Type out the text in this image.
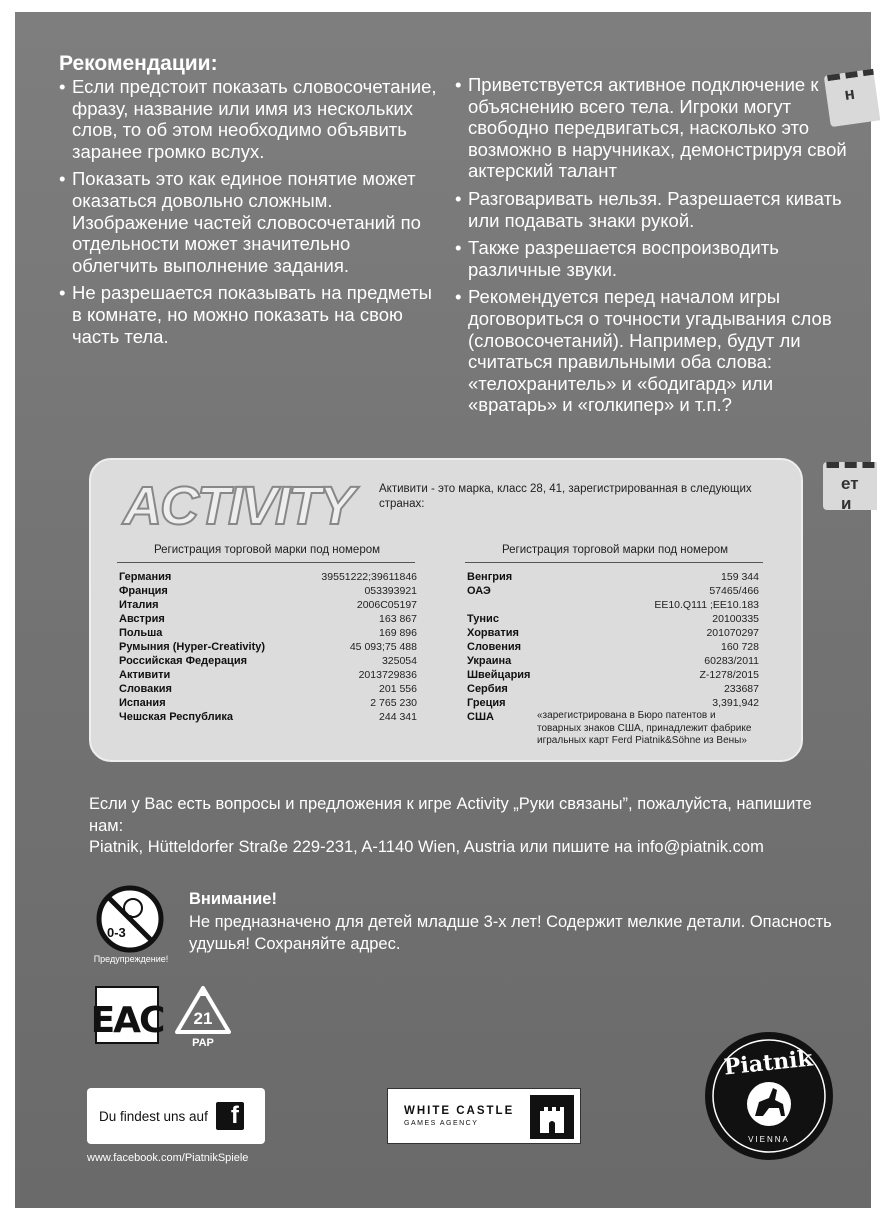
н
ет и
Рекомендации:

• Если предстоит показать словосочетание, фразу, название или имя из нескольких слов, то об этом необходимо объявить заранее громко вслух.

• Показать это как единое понятие может оказаться довольно сложным. Изображение частей словосочетаний по отдельности может значительно облегчить выполнение задания.

• Не разрешается показывать на предметы в комнате, но можно показать на свою часть тела.

• Приветствуется активное подключение к объяснению всего тела. Игроки могут свободно передвигаться, насколько это возможно в наручниках, демонстрируя свой актерский талант

• Разговаривать нельзя. Разрешается кивать или подавать знаки рукой.

• Также разрешается воспроизводить различные звуки.

• Рекомендуется перед началом игры договориться о точности угадывания слов (словосочетаний). Например, будут ли считаться правильными оба слова: «телохранитель» и «бодигард» или «вратарь» и «голкипер» и т.п.?

ACTIVITY	Активити - это марка, класс 28, 41, зарегистрированная в следующих странах:
Регистрация торговой марки под номером	Регистрация торговой марки под номером
Германия	39551222;39611846
Франция	053393921
Италия	2006C05197
Австрия	163 867
Польша	169 896
Румыния (Hyper-Creativity)	45 093;75 488
Российская Федерация	325054
Активити	2013729836
Словакия	201 556
Испания	2 765 230
Чешская Республика	244 341
Венгрия	159 344
ОАЭ	57465/466
EE10.Q111 ;EE10.183
Тунис	20100335
Хорватия	201070297
Словения	160 728
Украина	60283/2011
Швейцария	Z-1278/2015
Сербия	233687
Греция	3,391,942
США	«зарегистрирована в Бюро патентов и товарных знаков США, принадлежит фабрике игральных карт Ferd Piatnik&Söhne из Вены»

Если у Вас есть вопросы и предложения к игре Activity „Руки связаны”, пожалуйста, напишите нам:

Piatnik, Hütteldorfer Straße 229-231, A-1140 Wien, Austria или пишите на info@piatnik.com

0-3
Предупреждение!
Внимание!
Не предназначено для детей младше 3-х лет! Содержит мелкие детали. Опасность удушья! Сохраняйте адрес.
EAC 21
PAP
Du findest uns auf f
www.facebook.com/PiatnikSpiele
WHITE CASTLE
GAMES AGENCY
Piatnik
VIENNA
